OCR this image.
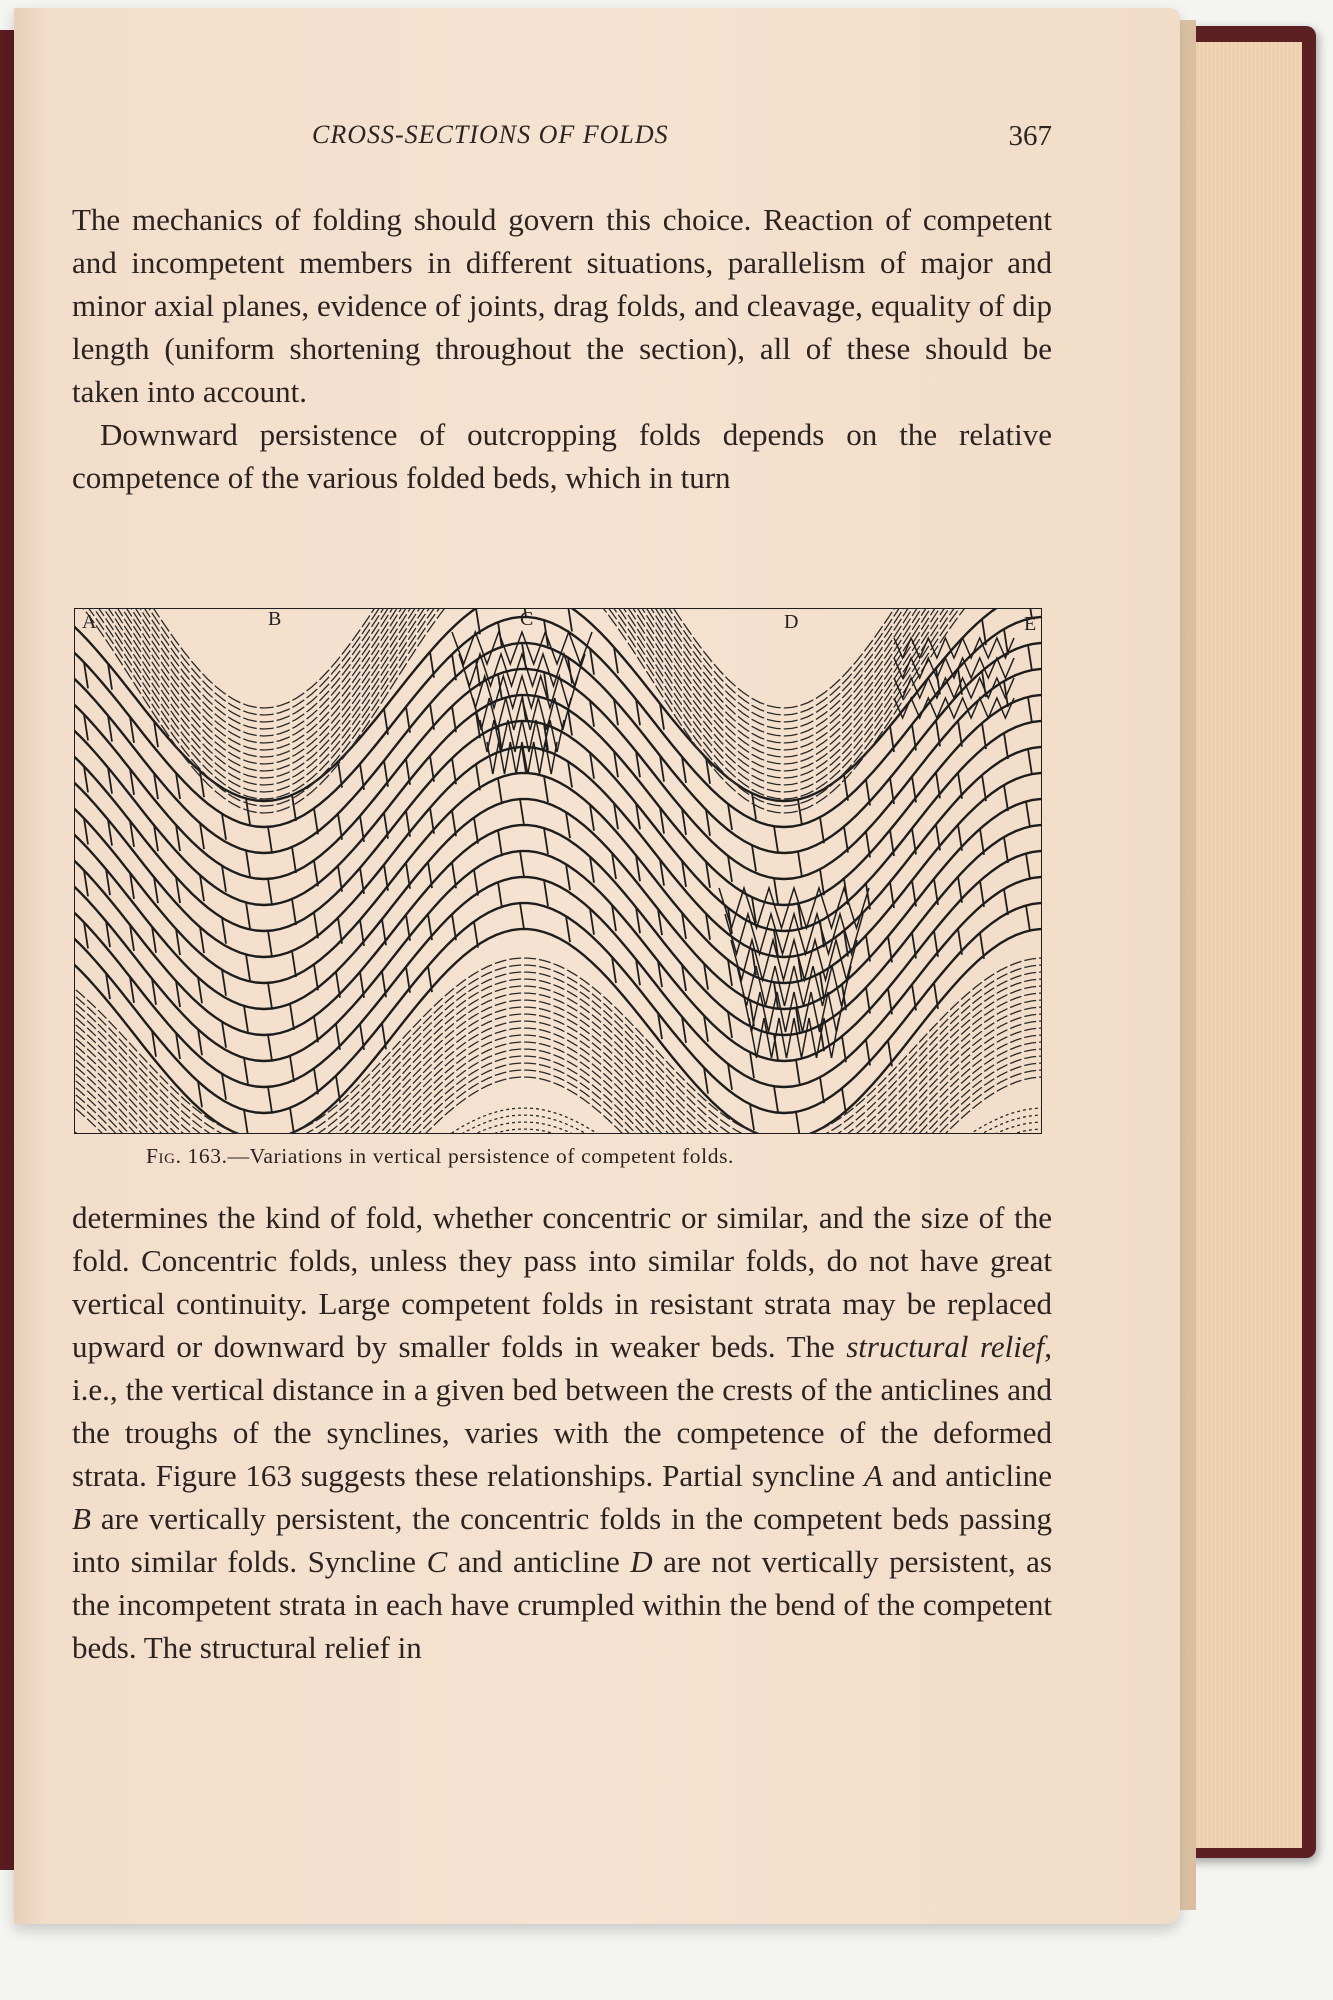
CROSS-SECTIONS OF FOLDS	367

The mechanics of folding should govern this choice. Reaction of competent and incompetent members in different situations, parallelism of major and minor axial planes, evidence of joints, drag folds, and cleavage, equality of dip length (uniform shortening throughout the section), all of these should be taken into account.

Downward persistence of outcropping folds depends on the relative competence of the various folded beds, which in turn

A	B	C	D	E
Fig. 163.—Variations in vertical persistence of competent folds.

determines the kind of fold, whether concentric or similar, and the size of the fold. Concentric folds, unless they pass into similar folds, do not have great vertical continuity. Large competent folds in resistant strata may be replaced upward or downward by smaller folds in weaker beds. The structural relief, i.e., the vertical distance in a given bed between the crests of the anticlines and the troughs of the synclines, varies with the competence of the deformed strata. Figure 163 suggests these relationships. Partial syncline A and anticline B are vertically persistent, the concentric folds in the competent beds passing into similar folds. Syncline C and anticline D are not vertically persistent, as the incompetent strata in each have crumpled within the bend of the competent beds. The structural relief in
